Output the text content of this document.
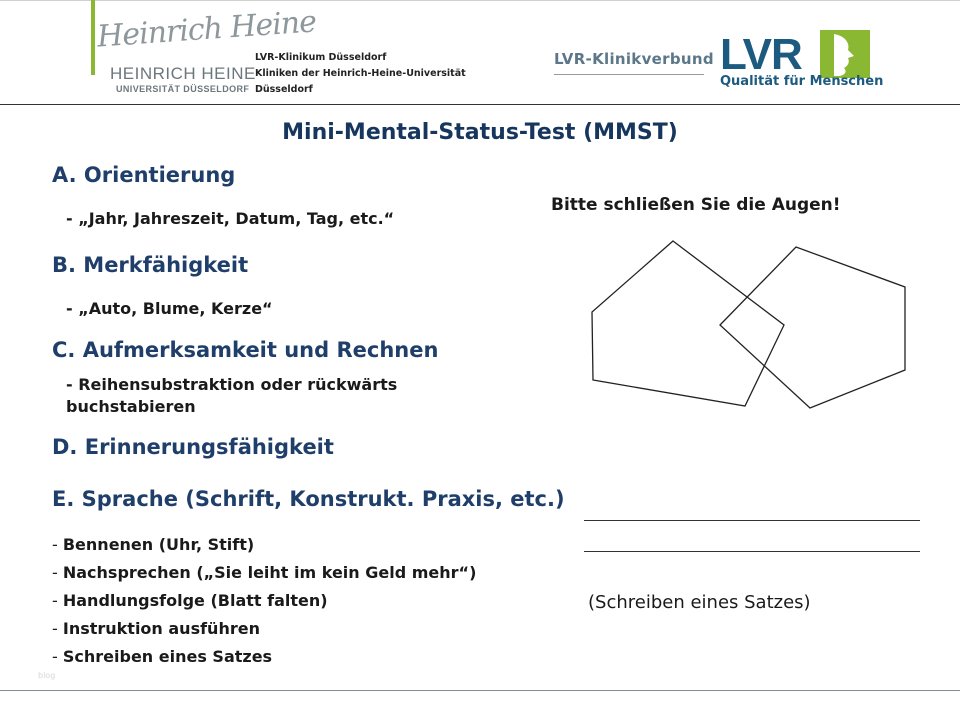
Heinrich Heine
HEINRICH HEINE
UNIVERSITÄT DÜSSELDORF
LVR-Klinikum Düsseldorf
Kliniken der Heinrich-Heine-Universität
Düsseldorf
LVR-Klinikverbund LVR
Qualität für Menschen
Mini-Mental-Status-Test (MMST)
A. Orientierung
- „Jahr, Jahreszeit, Datum, Tag, etc.“
B. Merkfähigkeit
- „Auto, Blume, Kerze“
C. Aufmerksamkeit und Rechnen
- Reihensubstraktion oder rückwärts
buchstabieren
D. Erinnerungsfähigkeit
E. Sprache (Schrift, Konstrukt. Praxis, etc.)
- Bennenen (Uhr, Stift)
- Nachsprechen („Sie leiht im kein Geld mehr“)
- Handlungsfolge (Blatt falten)
- Instruktion ausführen
- Schreiben eines Satzes
Bitte schließen Sie die Augen!
(Schreiben eines Satzes)
blog
